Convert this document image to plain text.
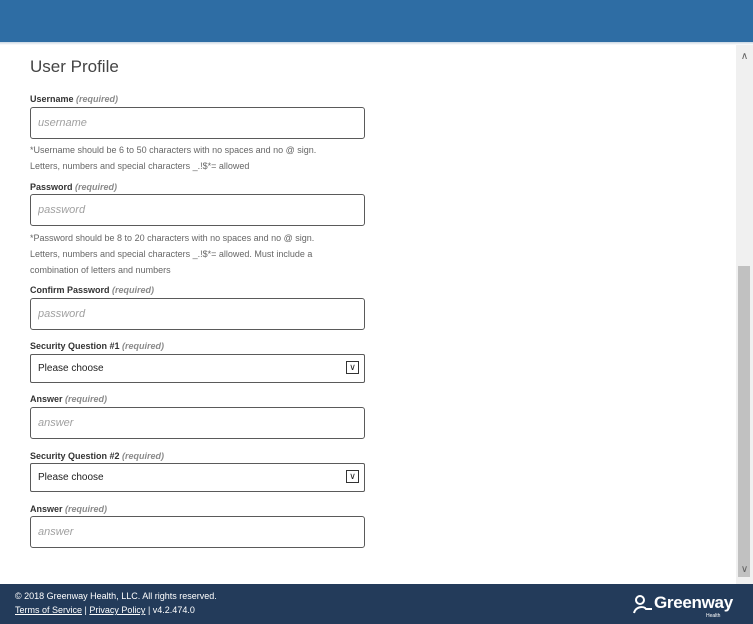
User Profile
Username (required)
username
*Username should be 6 to 50 characters with no spaces and no @ sign.
Letters, numbers and special characters _.!$*= allowed
Password (required)
*Password should be 8 to 20 characters with no spaces and no @ sign.
Letters, numbers and special characters _.!$*= allowed. Must include a
combination of letters and numbers
Confirm Password (required)
Security Question #1 (required)
Please choose	∨
Answer (required)
answer
Security Question #2 (required)
Please choose	∨
Answer (required)
answer
∧
∨
© 2018 Greenway Health, LLC. All rights reserved.
Terms of Service | Privacy Policy | v4.2.474.0	Greenway
Health
